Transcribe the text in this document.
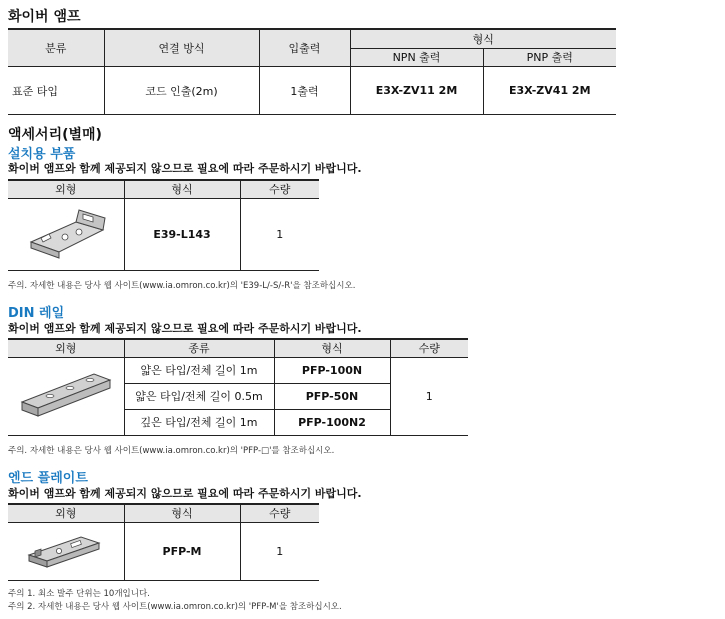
화이버 앰프
분류	연결 방식	입출력	형식	
			NPN 출력	PNP 출력
표준 타입	코드 인출(2m)	1출력	E3X-ZV11 2M	E3X-ZV41 2M
액세서리(별매)
설치용 부품
화이버 앰프와 함께 제공되지 않으므로 필요에 따라 주문하시기 바랍니다.
외형	형식	수량

	E39-L143	1
주의. 자세한 내용은 당사 웹 사이트(www.ia.omron.co.kr)의 'E39-L/-S/-R'을 참조하십시오.
DIN 레일
화이버 앰프와 함께 제공되지 않으므로 필요에 따라 주문하시기 바랍니다.
외형	종류	형식	수량

	얇은 타입/전체 길이 1m	PFP-100N	1
	얇은 타입/전체 길이 0.5m	PFP-50N	
	깊은 타입/전체 길이 1m	PFP-100N2	
주의. 자세한 내용은 당사 웹 사이트(www.ia.omron.co.kr)의 'PFP-□'를 참조하십시오.
엔드 플레이트
화이버 앰프와 함께 제공되지 않으므로 필요에 따라 주문하시기 바랍니다.
외형	형식	수량

	PFP-M	1
주의 1. 최소 발주 단위는 10개입니다.
주의 2. 자세한 내용은 당사 웹 사이트(www.ia.omron.co.kr)의 'PFP-M'을 참조하십시오.
